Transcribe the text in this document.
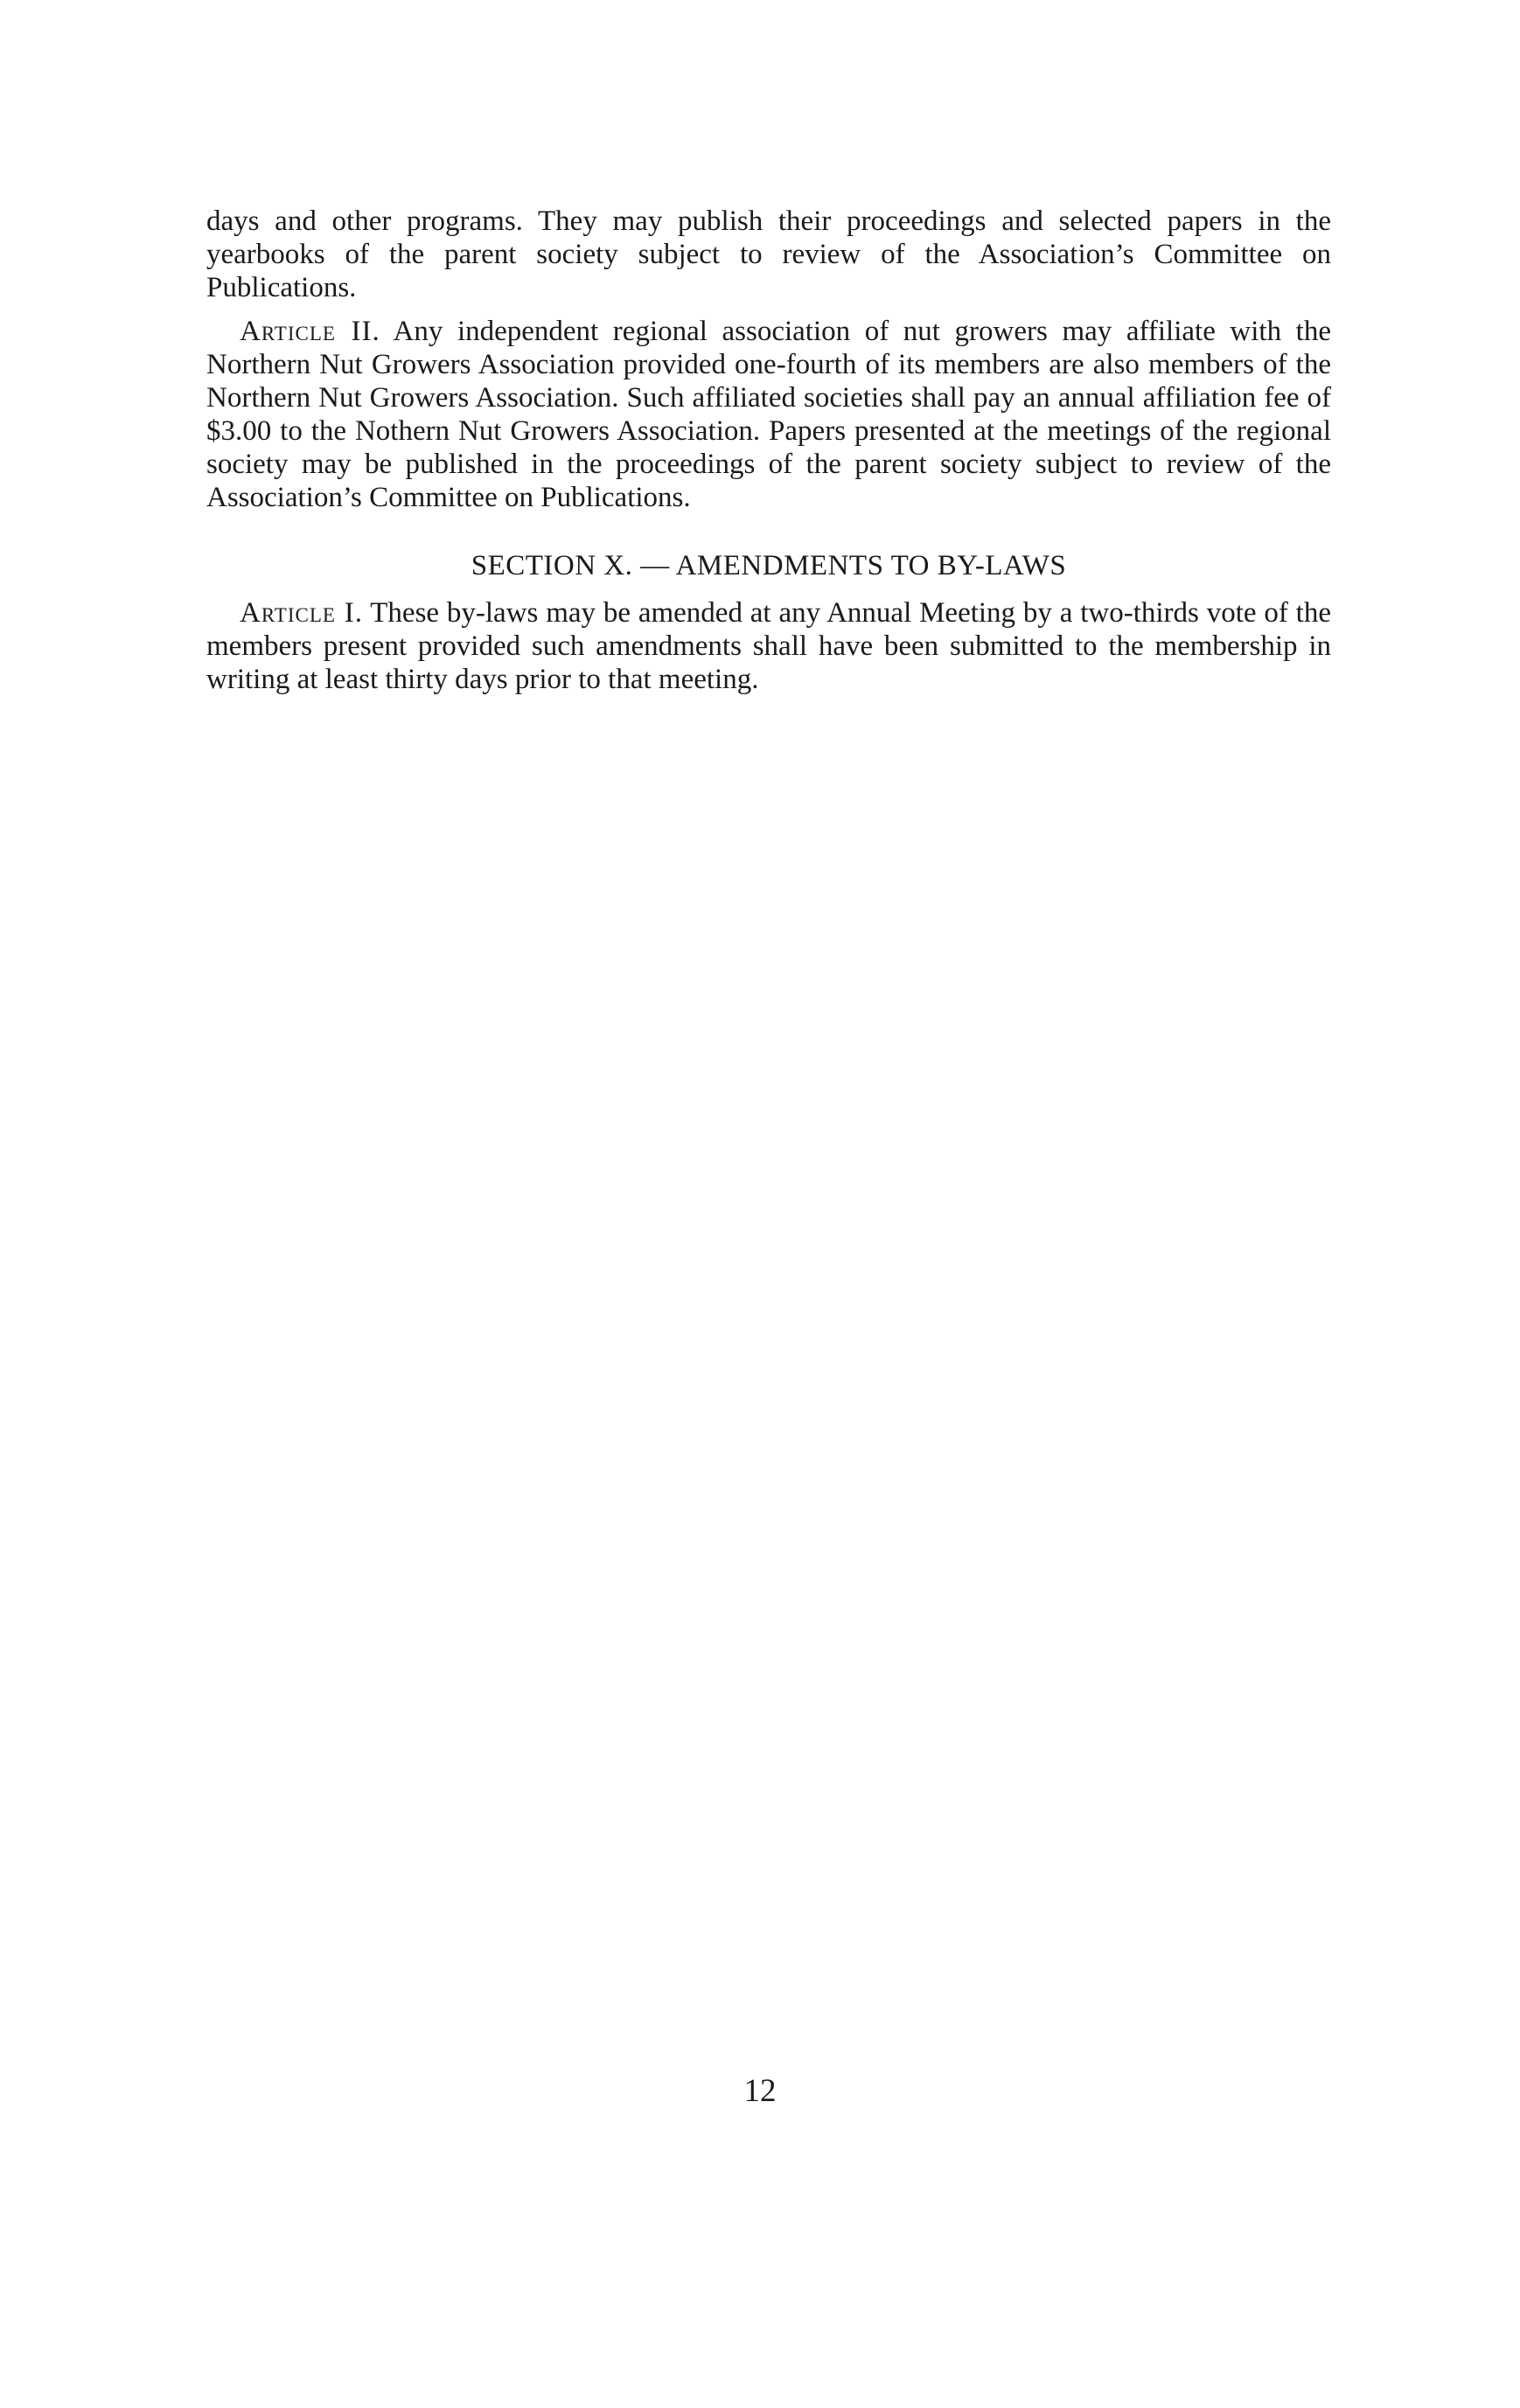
days and other programs. They may publish their proceedings and selected papers in the yearbooks of the parent society subject to review of the Association’s Committee on Publications.

Article II. Any independent regional association of nut growers may affiliate with the Northern Nut Growers Association provided one-fourth of its members are also members of the Northern Nut Growers Association. Such affiliated societies shall pay an annual affiliation fee of $3.00 to the Nothern Nut Growers Association. Papers presented at the meetings of the regional society may be published in the proceedings of the parent society subject to review of the Association’s Committee on Publications.

SECTION X. — AMENDMENTS TO BY-LAWS

Article I. These by-laws may be amended at any Annual Meeting by a two-thirds vote of the members present provided such amendments shall have been submitted to the membership in writing at least thirty days prior to that meeting.

12
